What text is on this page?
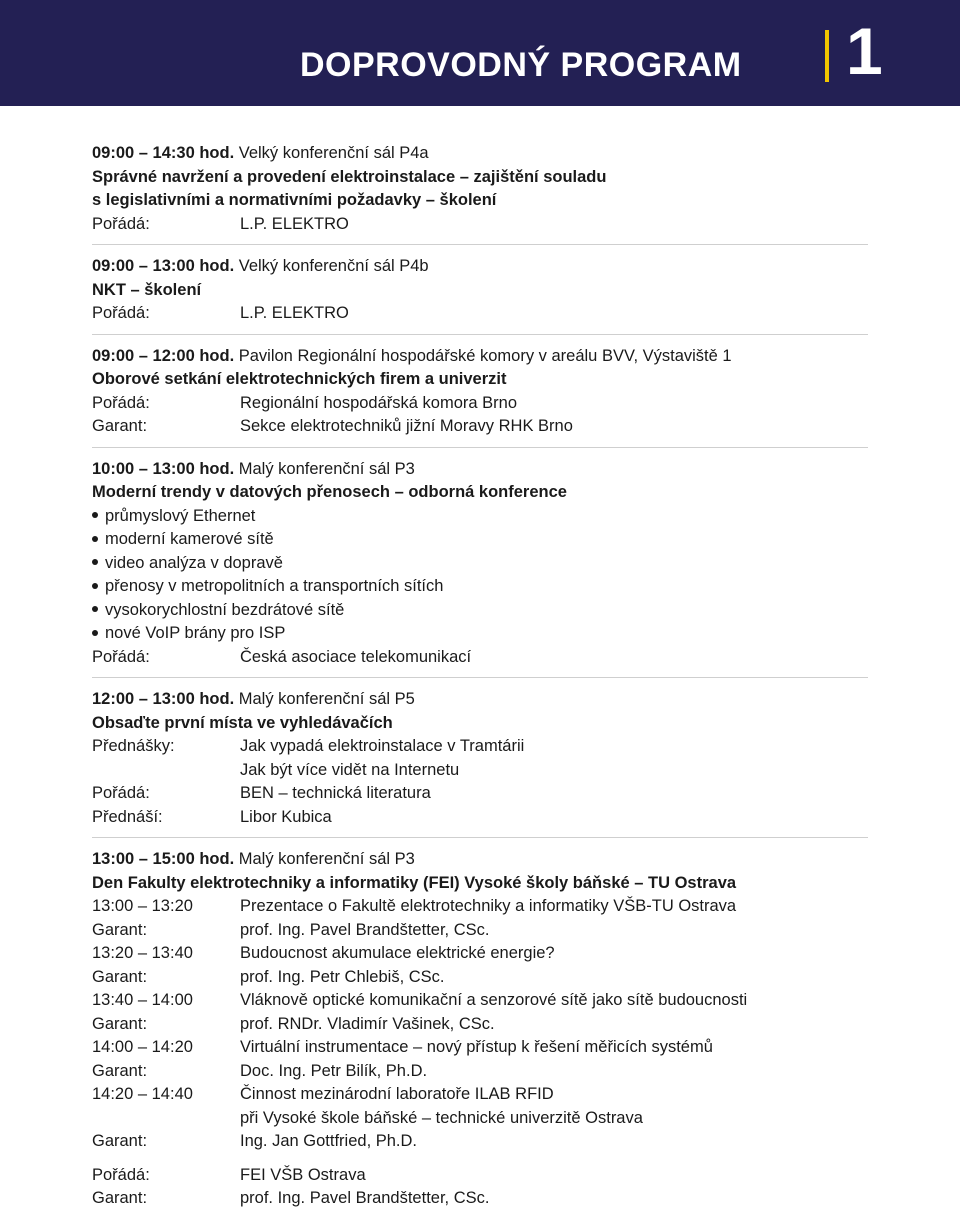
DOPROVODNÝ PROGRAM 1
09:00 – 14:30 hod. Velký konferenční sál P4a
Správné navržení a provedení elektroinstalace – zajištění souladu
s legislativními a normativními požadavky – školení
Pořádá:	L.P. ELEKTRO
09:00 – 13:00 hod. Velký konferenční sál P4b
NKT – školení
Pořádá:	L.P. ELEKTRO
09:00 – 12:00 hod. Pavilon Regionální hospodářské komory v areálu BVV, Výstaviště 1
Oborové setkání elektrotechnických firem a univerzit
Pořádá:	Regionální hospodářská komora Brno
Garant:	Sekce elektrotechniků jižní Moravy RHK Brno
10:00 – 13:00 hod. Malý konferenční sál P3
Moderní trendy v datových přenosech – odborná konference
průmyslový Ethernet
moderní kamerové sítě
video analýza v dopravě
přenosy v metropolitních a transportních sítích
vysokorychlostní bezdrátové sítě
nové VoIP brány pro ISP
Pořádá:	Česká asociace telekomunikací
12:00 – 13:00 hod. Malý konferenční sál P5
Obsaďte první místa ve vyhledávačích
Přednášky:	Jak vypadá elektroinstalace v Tramtárii
Jak být více vidět na Internetu
Pořádá:	BEN – technická literatura
Přednáší:	Libor Kubica
13:00 – 15:00 hod. Malý konferenční sál P3
Den Fakulty elektrotechniky a informatiky (FEI) Vysoké školy báňské – TU Ostrava
13:00 – 13:20	Prezentace o Fakultě elektrotechniky a informatiky VŠB-TU Ostrava
Garant:	prof. Ing. Pavel Brandštetter, CSc.
13:20 – 13:40	Budoucnost akumulace elektrické energie?
Garant:	prof. Ing. Petr Chlebiš, CSc.
13:40 – 14:00	Vláknově optické komunikační a senzorové sítě jako sítě budoucnosti
Garant:	prof. RNDr. Vladimír Vašinek, CSc.
14:00 – 14:20	Virtuální instrumentace – nový přístup k řešení měřicích systémů
Garant:	Doc. Ing. Petr Bilík, Ph.D.
14:20 – 14:40	Činnost mezinárodní laboratoře ILAB RFID
při Vysoké škole báňské – technické univerzitě Ostrava
Garant:	Ing. Jan Gottfried, Ph.D.
Pořádá:	FEI VŠB Ostrava
Garant:	prof. Ing. Pavel Brandštetter, CSc.
